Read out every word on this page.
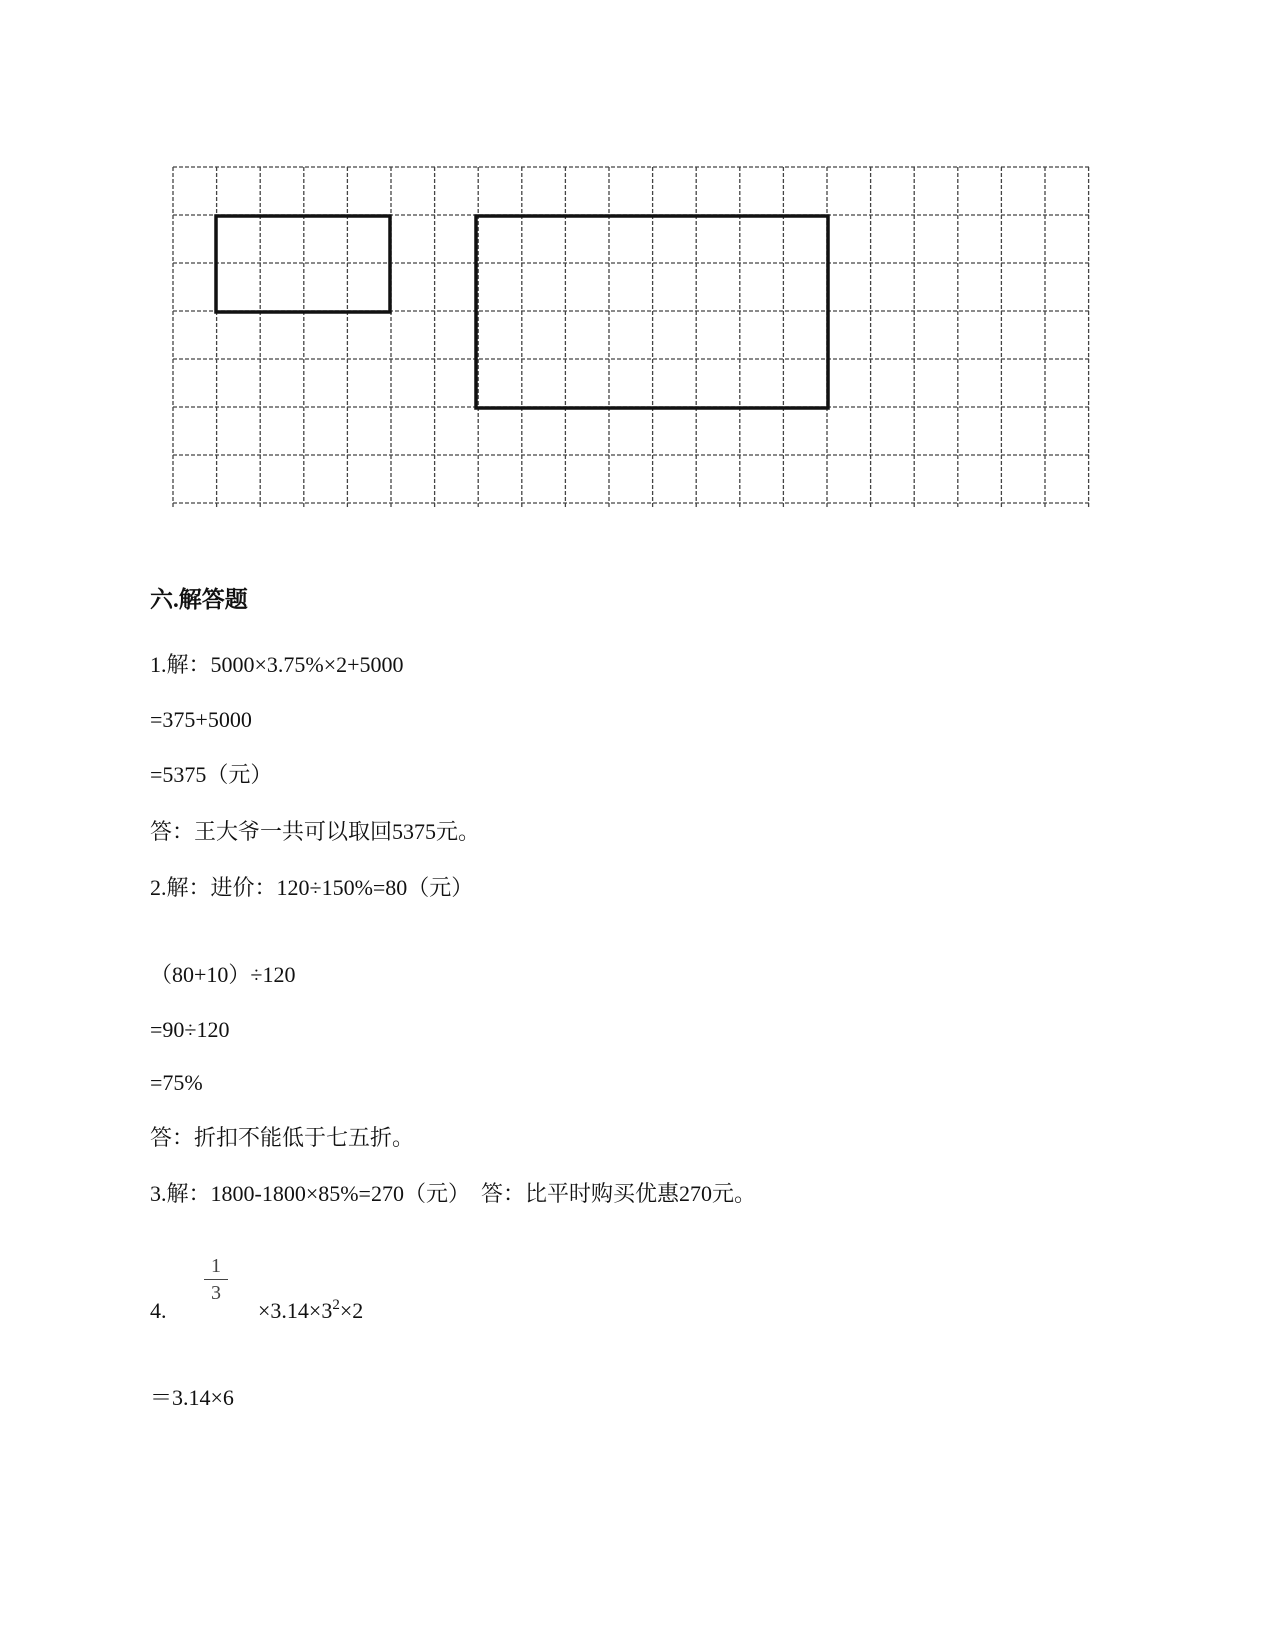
六.解答题
1.解：5000×3.75%×2+5000
=375+5000
=5375（元）
答：王大爷一共可以取回5375元。
2.解：进价：120÷150%=80（元）
（80+10）÷120
=90÷120
=75%
答：折扣不能低于七五折。
3.解：1800-1800×85%=270（元）　答：比平时购买优惠270元。
4.
1
3
$\times 3.14\times 3^2\times 2$
＝3.14×6
